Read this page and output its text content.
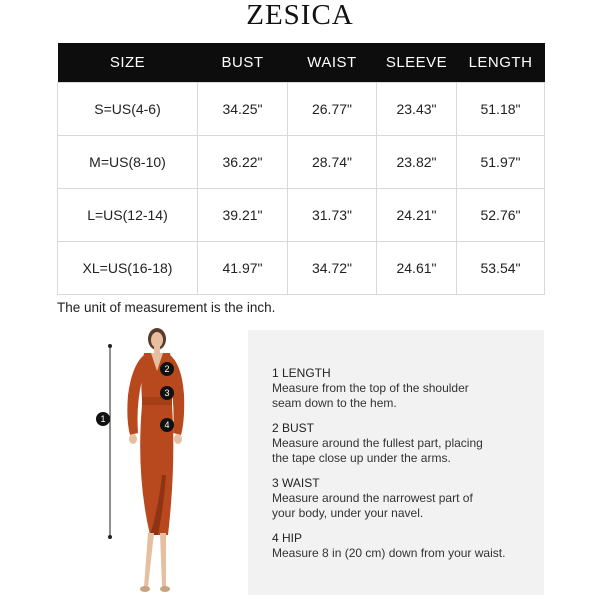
ZESICA
SIZE	BUST	WAIST	SLEEVE	LENGTH
S=US(4-6)	34.25"	26.77"	23.43"	51.18"
M=US(8-10)	36.22"	28.74"	23.82"	51.97"
L=US(12-14)	39.21"	31.73"	24.21"	52.76"
XL=US(16-18)	41.97"	34.72"	24.61"	53.54"
The unit of measurement is the inch.
1
2
3
4
1 LENGTH
Measure from the top of the shoulder
seam down to the hem.
2 BUST
Measure around the fullest part, placing
the tape close up under the arms.
3 WAIST
Measure around the narrowest part of
your body, under your navel.
4 HIP
Measure 8 in (20 cm) down from your waist.
